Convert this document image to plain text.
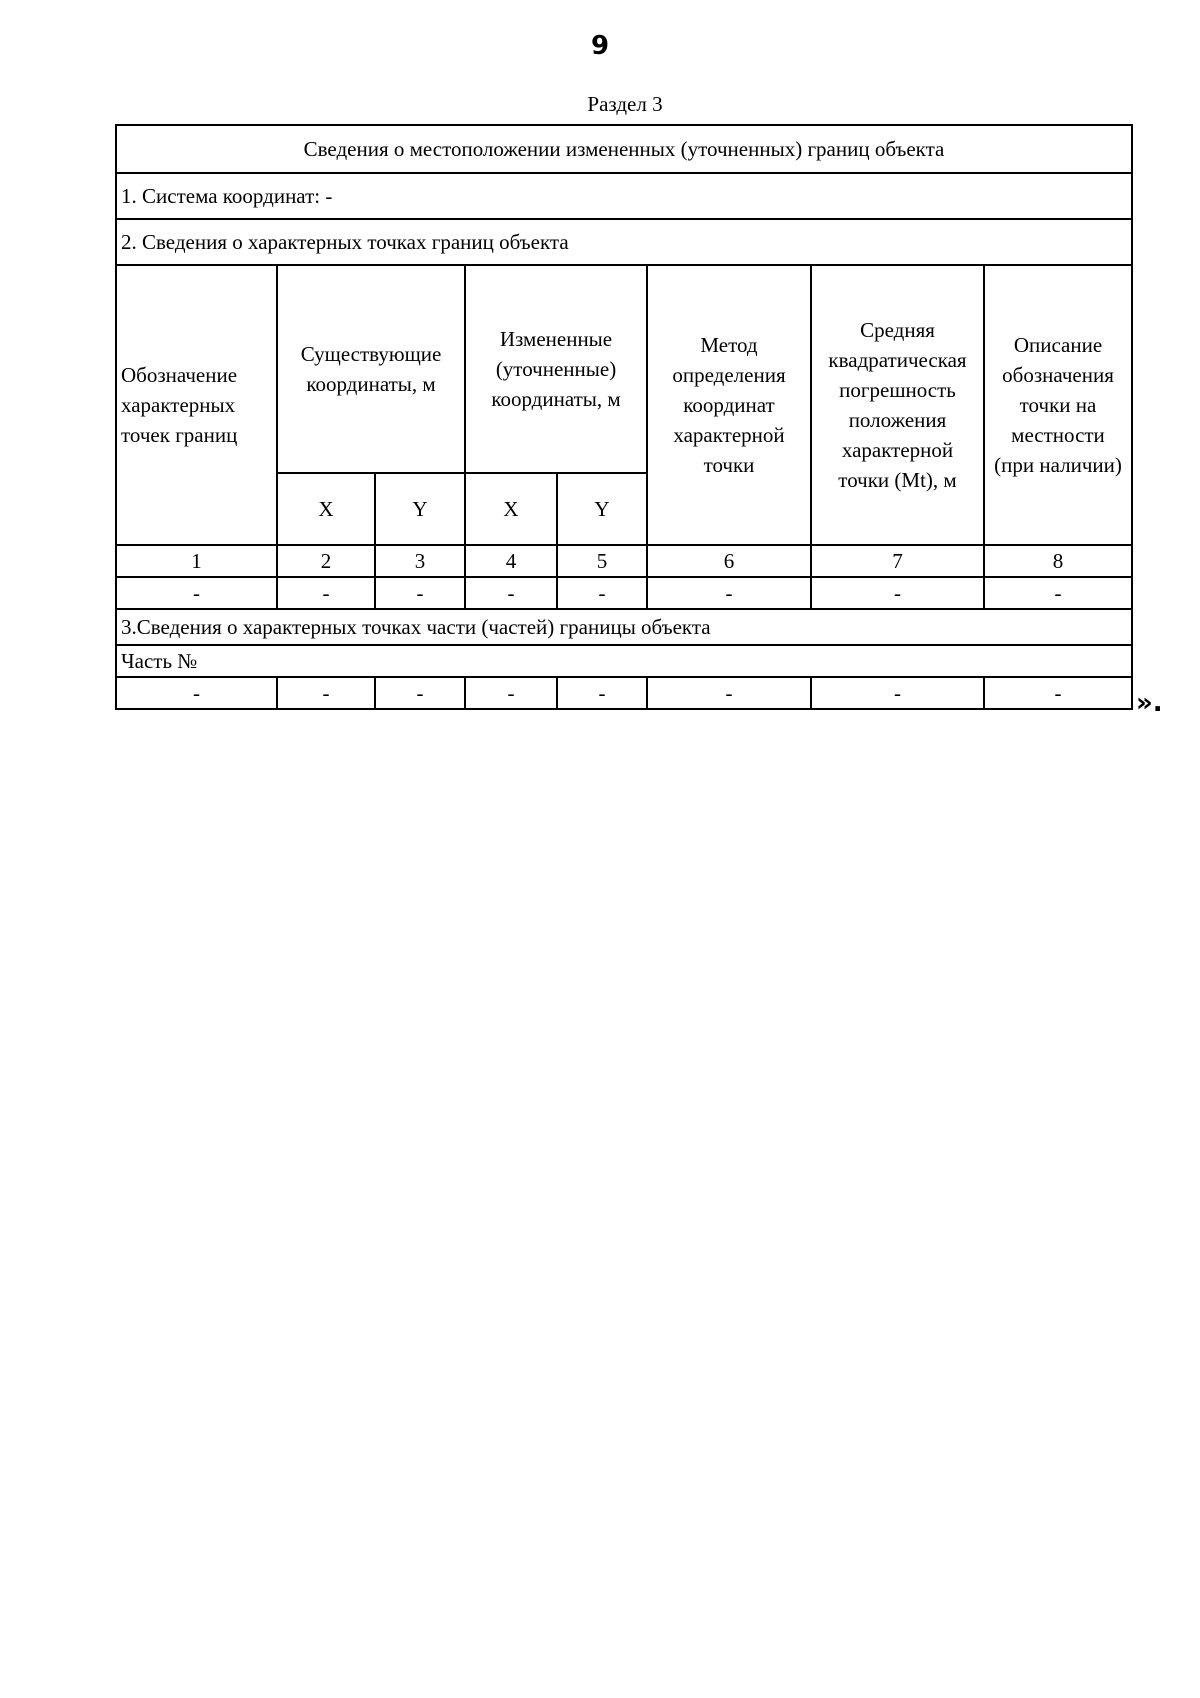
9
Раздел 3
Сведения о местоположении измененных (уточненных) границ объекта							
1. Система координат: -							
2. Сведения о характерных точках границ объекта							
Обозначение характерных точек границ	Существующие координаты, м		Измененные (уточненные) координаты, м		Метод определения координат характерной точки	Средняя квадратическая погрешность положения характерной точки (Mt), м	Описание обозначения точки на местности (при наличии)
	X	Y	X	Y			
1	2	3	4	5	6	7	8
-	-	-	-	-	-	-	-
3.Сведения о характерных точках части (частей) границы объекта							
Часть №							
-	-	-	-	-	-	-	-	».
